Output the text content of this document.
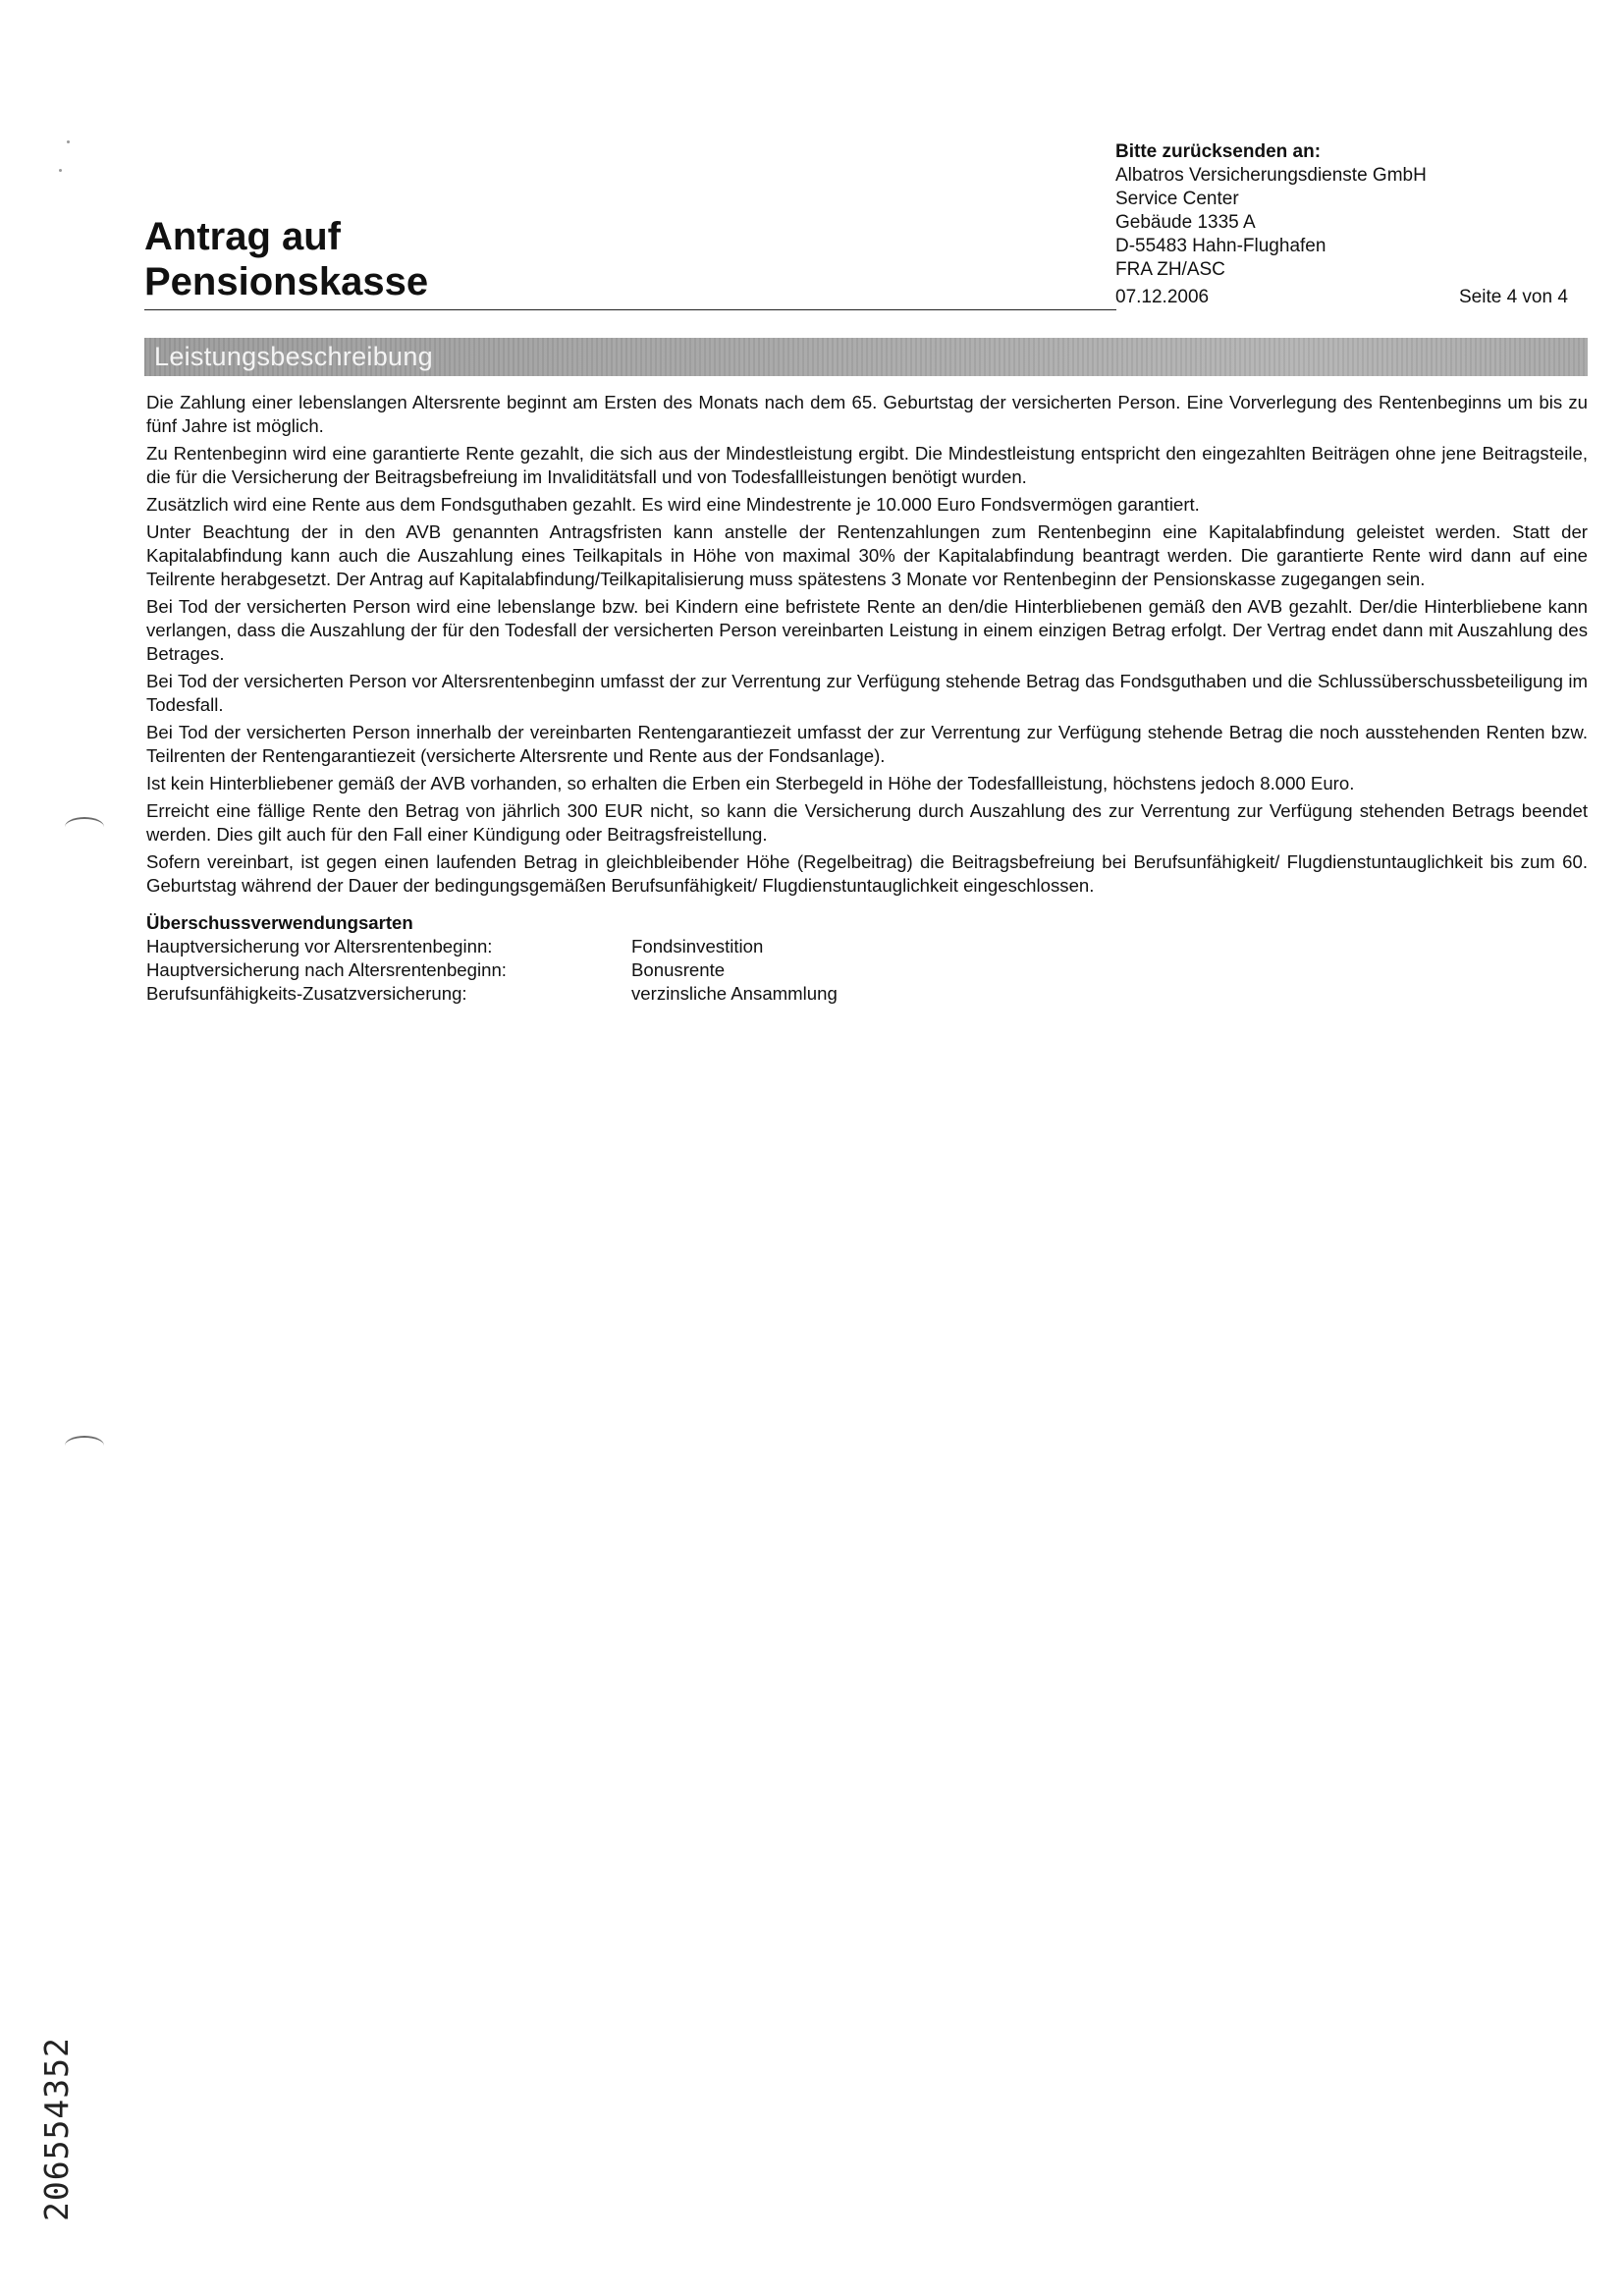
Antrag auf
Pensionskasse
Bitte zurücksenden an:
Albatros Versicherungsdienste GmbH
Service Center
Gebäude 1335 A
D-55483 Hahn-Flughafen
FRA ZH/ASC
07.12.2006	Seite 4 von 4
Leistungsbeschreibung

Die Zahlung einer lebenslangen Altersrente beginnt am Ersten des Monats nach dem 65. Geburtstag der versicherten Person. Eine Vorverlegung des Rentenbeginns um bis zu fünf Jahre ist möglich.

Zu Rentenbeginn wird eine garantierte Rente gezahlt, die sich aus der Mindestleistung ergibt. Die Mindestleistung entspricht den eingezahlten Beiträgen ohne jene Beitragsteile, die für die Versicherung der Beitragsbefreiung im Invaliditätsfall und von Todesfallleistungen benötigt wurden.

Zusätzlich wird eine Rente aus dem Fondsguthaben gezahlt. Es wird eine Mindestrente je 10.000 Euro Fondsvermögen garantiert.

Unter Beachtung der in den AVB genannten Antragsfristen kann anstelle der Rentenzahlungen zum Rentenbeginn eine Kapitalabfindung geleistet werden. Statt der Kapitalabfindung kann auch die Auszahlung eines Teilkapitals in Höhe von maximal 30% der Kapitalabfindung beantragt werden. Die garantierte Rente wird dann auf eine Teilrente herabgesetzt. Der Antrag auf Kapitalabfindung/Teilkapitalisierung muss spätestens 3 Monate vor Rentenbeginn der Pensionskasse zugegangen sein.

Bei Tod der versicherten Person wird eine lebenslange bzw. bei Kindern eine befristete Rente an den/die Hinterbliebenen gemäß den AVB gezahlt. Der/die Hinterbliebene kann verlangen, dass die Auszahlung der für den Todesfall der versicherten Person vereinbarten Leistung in einem einzigen Betrag erfolgt. Der Vertrag endet dann mit Auszahlung des Betrages.

Bei Tod der versicherten Person vor Altersrentenbeginn umfasst der zur Verrentung zur Verfügung stehende Betrag das Fondsguthaben und die Schlussüberschussbeteiligung im Todesfall.

Bei Tod der versicherten Person innerhalb der vereinbarten Rentengarantiezeit umfasst der zur Verrentung zur Verfügung stehende Betrag die noch ausstehenden Renten bzw. Teilrenten der Rentengarantiezeit (versicherte Altersrente und Rente aus der Fondsanlage).

Ist kein Hinterbliebener gemäß der AVB vorhanden, so erhalten die Erben ein Sterbegeld in Höhe der Todesfallleistung, höchstens jedoch 8.000 Euro.

Erreicht eine fällige Rente den Betrag von jährlich 300 EUR nicht, so kann die Versicherung durch Auszahlung des zur Verrentung zur Verfügung stehenden Betrags beendet werden. Dies gilt auch für den Fall einer Kündigung oder Beitragsfreistellung.

Sofern vereinbart, ist gegen einen laufenden Betrag in gleichbleibender Höhe (Regelbeitrag) die Beitragsbefreiung bei Berufsunfähigkeit/ Flugdienstuntauglichkeit bis zum 60. Geburtstag während der Dauer der bedingungsgemäßen Berufsunfähigkeit/ Flugdienstuntauglichkeit eingeschlossen.

Überschussverwendungsarten
Hauptversicherung vor Altersrentenbeginn:	Fondsinvestition
Hauptversicherung nach Altersrentenbeginn:	Bonusrente
Berufsunfähigkeits-Zusatzversicherung:	verzinsliche Ansammlung
206554352
